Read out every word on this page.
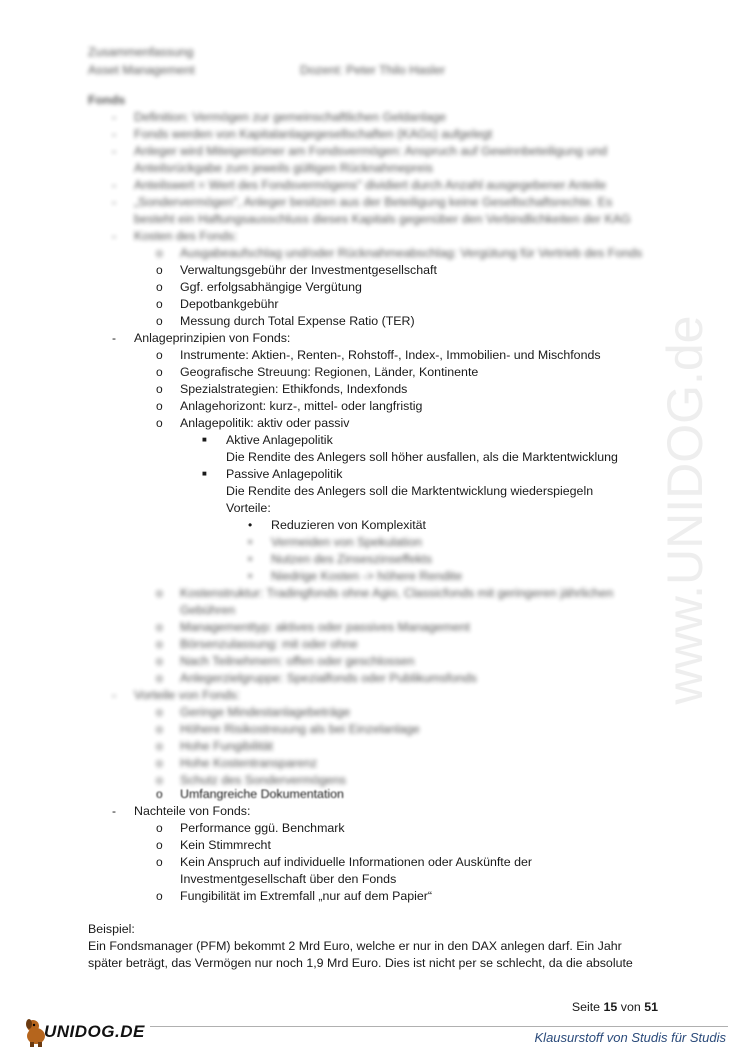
Zusammenfassung
Asset Management	Dozent: Peter Thilo Hasler
Fonds
- Definition: Vermögen zur gemeinschaftlichen Geldanlage
- Fonds werden von Kapitalanlagegesellschaften (KAGs) aufgelegt
- Anleger wird Miteigentümer am Fondsvermögen: Anspruch auf Gewinnbeteiligung und
Anteilsrückgabe zum jeweils gültigen Rücknahmepreis
- Anteilswert = Wert des Fondsvermögens" dividiert durch Anzahl ausgegebener Anteile
- „Sondervermögen", Anleger besitzen aus der Beteiligung keine Gesellschaftsrechte. Es
besteht ein Haftungsausschluss dieses Kapitals gegenüber den Verbindlichkeiten der KAG
- Kosten des Fonds:
o Ausgabeaufschlag und/oder Rücknahmeabschlag: Vergütung für Vertrieb des Fonds
o Verwaltungsgebühr der Investmentgesellschaft
o Ggf. erfolgsabhängige Vergütung
o Depotbankgebühr
o Messung durch Total Expense Ratio (TER)
- Anlageprinzipien von Fonds:
o Instrumente: Aktien-, Renten-, Rohstoff-, Index-, Immobilien- und Mischfonds
o Geografische Streuung: Regionen, Länder, Kontinente
o Spezialstrategien: Ethikfonds, Indexfonds
o Anlagehorizont: kurz-, mittel- oder langfristig
o Anlagepolitik: aktiv oder passiv
■ Aktive Anlagepolitik
Die Rendite des Anlegers soll höher ausfallen, als die Marktentwicklung
■ Passive Anlagepolitik
Die Rendite des Anlegers soll die Marktentwicklung wiederspiegeln
Vorteile:
• Reduzieren von Komplexität
• Vermeiden von Spekulation
• Nutzen des Zinseszinseffekts
• Niedrige Kosten -> höhere Rendite
o Kostenstruktur: Tradingfonds ohne Agio, Classicfonds mit geringeren jährlichen
Gebühren
o Managementtyp: aktives oder passives Management
o Börsenzulassung: mit oder ohne
o Nach Teilnehmern: offen oder geschlossen
o Anlegerzielgruppe: Spezialfonds oder Publikumsfonds
- Vorteile von Fonds:
o Geringe Mindestanlagebeträge
o Höhere Risikostreuung als bei Einzelanlage
o Hohe Fungibilität
o Hohe Kostentransparenz
o Schutz des Sondervermögens
o Umfangreiche Dokumentation
- Nachteile von Fonds:
o Performance ggü. Benchmark
o Kein Stimmrecht
o Kein Anspruch auf individuelle Informationen oder Auskünfte der
Investmentgesellschaft über den Fonds
o Fungibilität im Extremfall „nur auf dem Papier“
Beispiel:
Ein Fondsmanager (PFM) bekommt 2 Mrd Euro, welche er nur in den DAX anlegen darf. Ein Jahr
später beträgt, das Vermögen nur noch 1,9 Mrd Euro. Dies ist nicht per se schlecht, da die absolute
www.UNIDOG.de
Seite 15 von 51
UNIDOG.DE	Klausurstoff von Studis für Studis
